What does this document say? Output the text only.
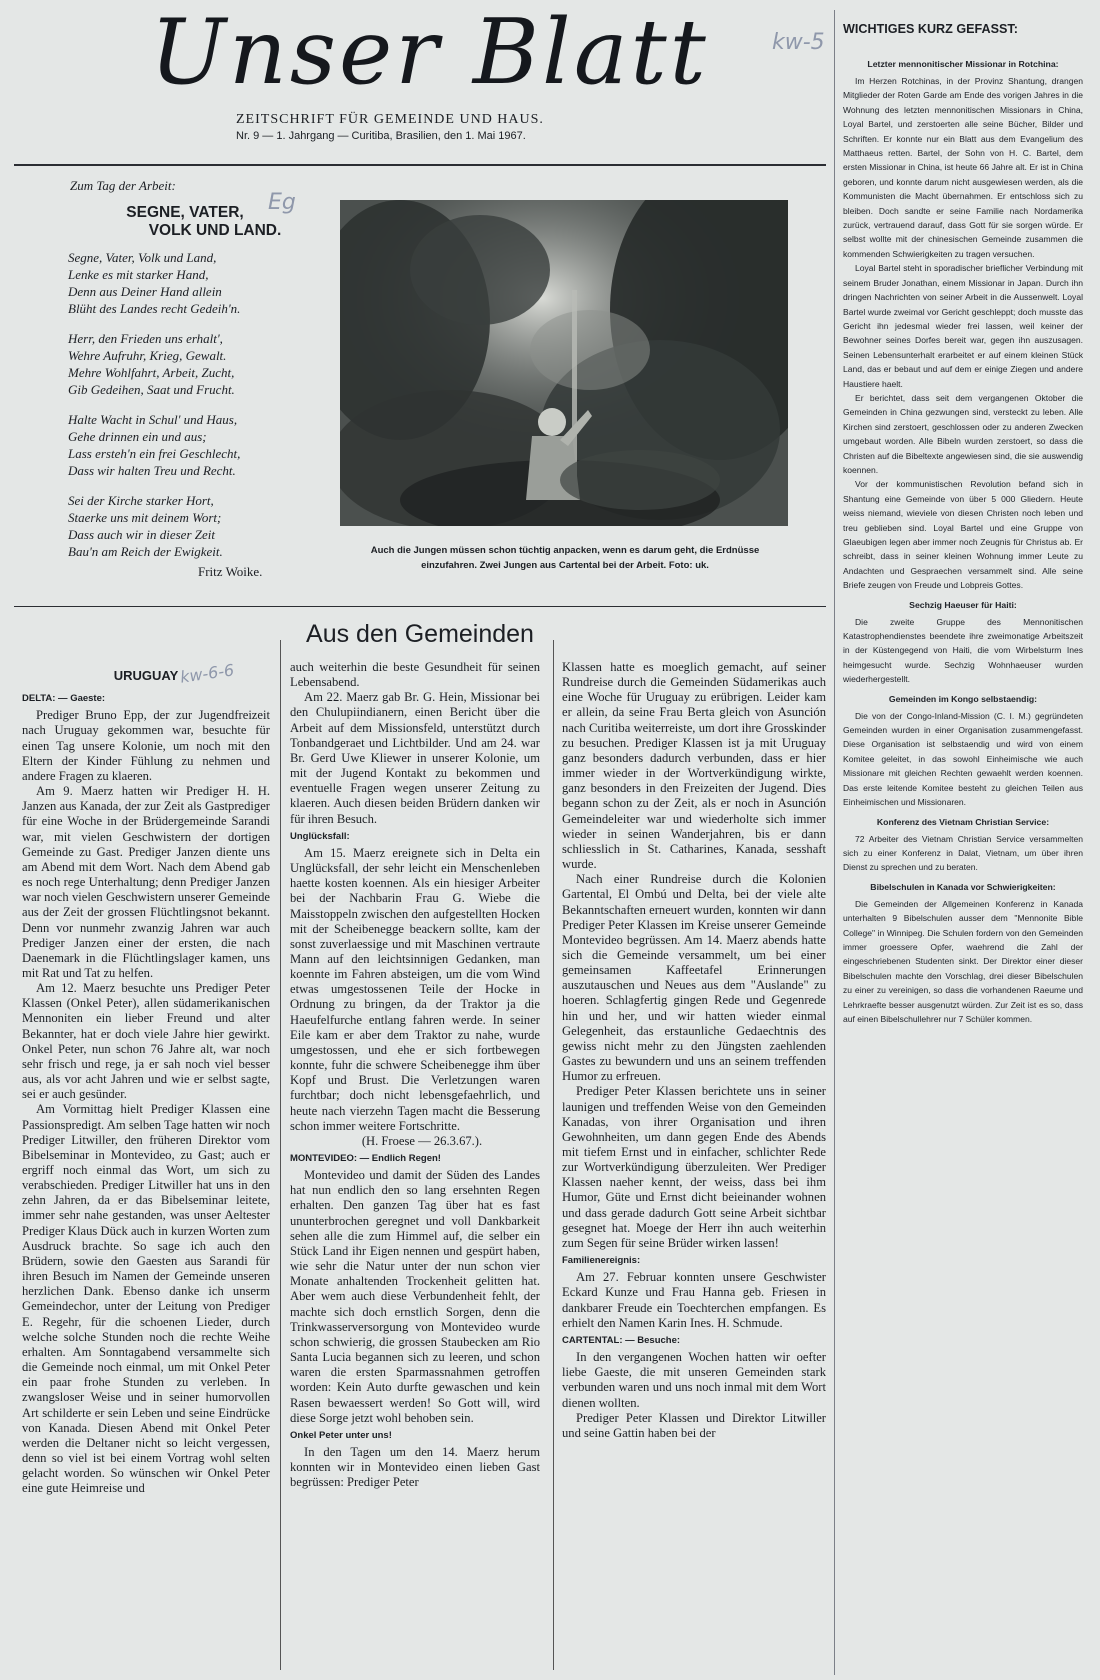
Unser Blatt	kw-5
ZEITSCHRIFT FÜR GEMEINDE UND HAUS.
Nr. 9 — 1. Jahrgang — Curitiba, Brasilien, den 1. Mai 1967.
Zum Tag der Arbeit:
Eg
SEGNE, VATER,
VOLK UND LAND.
Segne, Vater, Volk und Land,
Lenke es mit starker Hand,
Denn aus Deiner Hand allein
Blüht des Landes recht Gedeih'n.
Herr, den Frieden uns erhalt',
Wehre Aufruhr, Krieg, Gewalt.
Mehre Wohlfahrt, Arbeit, Zucht,
Gib Gedeihen, Saat und Frucht.
Halte Wacht in Schul' und Haus,
Gehe drinnen ein und aus;
Lass ersteh'n ein frei Geschlecht,
Dass wir halten Treu und Recht.
Sei der Kirche starker Hort,
Staerke uns mit deinem Wort;
Dass auch wir in dieser Zeit
Bau'n am Reich der Ewigkeit.
Fritz Woike.
Auch die Jungen müssen schon tüchtig anpacken, wenn es darum geht, die Erdnüsse einzufahren. Zwei Jungen aus Cartental bei der Arbeit. Foto: uk.
Aus den Gemeinden
URUGUAY
DELTA: — Gaeste:

Prediger Bruno Epp, der zur Jugendfreizeit nach Uruguay gekommen war, besuchte für einen Tag unsere Kolonie, um noch mit den Eltern der Kinder Fühlung zu nehmen und andere Fragen zu klaeren.

Am 9. Maerz hatten wir Prediger H. H. Janzen aus Kanada, der zur Zeit als Gastprediger für eine Woche in der Brüdergemeinde Sarandi war, mit vielen Geschwistern der dortigen Gemeinde zu Gast. Prediger Janzen diente uns am Abend mit dem Wort. Nach dem Abend gab es noch rege Unterhaltung; denn Prediger Janzen war noch vielen Geschwistern unserer Gemeinde aus der Zeit der grossen Flüchtlingsnot bekannt. Denn vor nunmehr zwanzig Jahren war auch Prediger Janzen einer der ersten, die nach Daenemark in die Flüchtlingslager kamen, uns mit Rat und Tat zu helfen.

Am 12. Maerz besuchte uns Prediger Peter Klassen (Onkel Peter), allen südamerikanischen Mennoniten ein lieber Freund und alter Bekannter, hat er doch viele Jahre hier gewirkt. Onkel Peter, nun schon 76 Jahre alt, war noch sehr frisch und rege, ja er sah noch viel besser aus, als vor acht Jahren und wie er selbst sagte, sei er auch gesünder.

Am Vormittag hielt Prediger Klassen eine Passionspredigt. Am selben Tage hatten wir noch Prediger Litwiller, den früheren Direktor vom Bibelseminar in Montevideo, zu Gast; auch er ergriff noch einmal das Wort, um sich zu verabschieden. Prediger Litwiller hat uns in den zehn Jahren, da er das Bibelseminar leitete, immer sehr nahe gestanden, was unser Aeltester Prediger Klaus Dück auch in kurzen Worten zum Ausdruck brachte. So sage ich auch den Brüdern, sowie den Gaesten aus Sarandi für ihren Besuch im Namen der Gemeinde unseren herzlichen Dank. Ebenso danke ich unserm Gemeindechor, unter der Leitung von Prediger E. Regehr, für die schoenen Lieder, durch welche solche Stunden noch die rechte Weihe erhalten. Am Sonntagabend versammelte sich die Gemeinde noch einmal, um mit Onkel Peter ein paar frohe Stunden zu verleben. In zwangsloser Weise und in seiner humorvollen Art schilderte er sein Leben und seine Eindrücke von Kanada. Diesen Abend mit Onkel Peter werden die Deltaner nicht so leicht vergessen, denn so viel ist bei einem Vortrag wohl selten gelacht worden. So wünschen wir Onkel Peter eine gute Heimreise und

kw-6-6	auch weiterhin die beste Gesundheit für seinen Lebensabend.

Am 22. Maerz gab Br. G. Hein, Missionar bei den Chulupiindianern, einen Bericht über die Arbeit auf dem Missionsfeld, unterstützt durch Tonbandgeraet und Lichtbilder. Und am 24. war Br. Gerd Uwe Kliewer in unserer Kolonie, um mit der Jugend Kontakt zu bekommen und eventuelle Fragen wegen unserer Zeitung zu klaeren. Auch diesen beiden Brüdern danken wir für ihren Besuch.

Unglücksfall:

Am 15. Maerz ereignete sich in Delta ein Unglücksfall, der sehr leicht ein Menschenleben haette kosten koennen. Als ein hiesiger Arbeiter bei der Nachbarin Frau G. Wiebe die Maisstoppeln zwischen den aufgestellten Hocken mit der Scheibenegge beackern sollte, kam der sonst zuverlaessige und mit Maschinen vertraute Mann auf den leichtsinnigen Gedanken, man koennte im Fahren absteigen, um die vom Wind etwas umgestossenen Teile der Hocke in Ordnung zu bringen, da der Traktor ja die Haeufelfurche entlang fahren werde. In seiner Eile kam er aber dem Traktor zu nahe, wurde umgestossen, und ehe er sich fortbewegen konnte, fuhr die schwere Scheibenegge ihm über Kopf und Brust. Die Verletzungen waren furchtbar; doch nicht lebensgefaehrlich, und heute nach vierzehn Tagen macht die Besserung schon immer weitere Fortschritte.

(H. Froese — 26.3.67.).

MONTEVIDEO: — Endlich Regen!

Montevideo und damit der Süden des Landes hat nun endlich den so lang ersehnten Regen erhalten. Den ganzen Tag über hat es fast ununterbrochen geregnet und voll Dankbarkeit sehen alle die zum Himmel auf, die selber ein Stück Land ihr Eigen nennen und gespürt haben, wie sehr die Natur unter der nun schon vier Monate anhaltenden Trockenheit gelitten hat. Aber wem auch diese Verbundenheit fehlt, der machte sich doch ernstlich Sorgen, denn die Trinkwasserversorgung von Montevideo wurde schon schwierig, die grossen Staubecken am Rio Santa Lucia begannen sich zu leeren, und schon waren die ersten Sparmassnahmen getroffen worden: Kein Auto durfte gewaschen und kein Rasen bewaessert werden! So Gott will, wird diese Sorge jetzt wohl behoben sein.

Onkel Peter unter uns!

In den Tagen um den 14. Maerz herum konnten wir in Montevideo einen lieben Gast begrüssen: Prediger Peter

Klassen hatte es moeglich gemacht, auf seiner Rundreise durch die Gemeinden Südamerikas auch eine Woche für Uruguay zu erübrigen. Leider kam er allein, da seine Frau Berta gleich von Asunción nach Curitiba weiterreiste, um dort ihre Grosskinder zu besuchen. Prediger Klassen ist ja mit Uruguay ganz besonders dadurch verbunden, dass er hier immer wieder in der Wortverkündigung wirkte, ganz besonders in den Freizeiten der Jugend. Dies begann schon zu der Zeit, als er noch in Asunción Gemeindeleiter war und wiederholte sich immer wieder in seinen Wanderjahren, bis er dann schliesslich in St. Catharines, Kanada, sesshaft wurde.

Nach einer Rundreise durch die Kolonien Gartental, El Ombú und Delta, bei der viele alte Bekanntschaften erneuert wurden, konnten wir dann Prediger Peter Klassen im Kreise unserer Gemeinde Montevideo begrüssen. Am 14. Maerz abends hatte sich die Gemeinde versammelt, um bei einer gemeinsamen Kaffeetafel Erinnerungen auszutauschen und Neues aus dem "Auslande" zu hoeren. Schlagfertig gingen Rede und Gegenrede hin und her, und wir hatten wieder einmal Gelegenheit, das erstaunliche Gedaechtnis des gewiss nicht mehr zu den Jüngsten zaehlenden Gastes zu bewundern und uns an seinem treffenden Humor zu erfreuen.

Prediger Peter Klassen berichtete uns in seiner launigen und treffenden Weise von den Gemeinden Kanadas, von ihrer Organisation und ihren Gewohnheiten, um dann gegen Ende des Abends mit tiefem Ernst und in einfacher, schlichter Rede zur Wortverkündigung überzuleiten. Wer Prediger Klassen naeher kennt, der weiss, dass bei ihm Humor, Güte und Ernst dicht beieinander wohnen und dass gerade dadurch Gott seine Arbeit sichtbar gesegnet hat. Moege der Herr ihn auch weiterhin zum Segen für seine Brüder wirken lassen!

Familienereignis:

Am 27. Februar konnten unsere Geschwister Eckard Kunze und Frau Hanna geb. Friesen in dankbarer Freude ein Toechterchen empfangen. Es erhielt den Namen Karin Ines. H. Schmude.

CARTENTAL: — Besuche:

In den vergangenen Wochen hatten wir oefter liebe Gaeste, die mit unseren Gemeinden stark verbunden waren und uns noch inmal mit dem Wort dienen wollten.

Prediger Peter Klassen und Direktor Litwiller und seine Gattin haben bei der

WICHTIGES KURZ GEFASST:
Letzter mennonitischer Missionar in Rotchina:

Im Herzen Rotchinas, in der Provinz Shantung, drangen Mitglieder der Roten Garde am Ende des vorigen Jahres in die Wohnung des letzten mennonitischen Missionars in China, Loyal Bartel, und zerstoerten alle seine Bücher, Bilder und Schriften. Er konnte nur ein Blatt aus dem Evangelium des Matthaeus retten. Bartel, der Sohn von H. C. Bartel, dem ersten Missionar in China, ist heute 66 Jahre alt. Er ist in China geboren, und konnte darum nicht ausgewiesen werden, als die Kommunisten die Macht übernahmen. Er entschloss sich zu bleiben. Doch sandte er seine Familie nach Nordamerika zurück, vertrauend darauf, dass Gott für sie sorgen würde. Er selbst wollte mit der chinesischen Gemeinde zusammen die kommenden Schwierigkeiten zu tragen versuchen.

Loyal Bartel steht in sporadischer brieflicher Verbindung mit seinem Bruder Jonathan, einem Missionar in Japan. Durch ihn dringen Nachrichten von seiner Arbeit in die Aussenwelt. Loyal Bartel wurde zweimal vor Gericht geschleppt; doch musste das Gericht ihn jedesmal wieder frei lassen, weil keiner der Bewohner seines Dorfes bereit war, gegen ihn auszusagen. Seinen Lebensunterhalt erarbeitet er auf einem kleinen Stück Land, das er bebaut und auf dem er einige Ziegen und andere Haustiere haelt.

Er berichtet, dass seit dem vergangenen Oktober die Gemeinden in China gezwungen sind, versteckt zu leben. Alle Kirchen sind zerstoert, geschlossen oder zu anderen Zwecken umgebaut worden. Alle Bibeln wurden zerstoert, so dass die Christen auf die Bibeltexte angewiesen sind, die sie auswendig koennen.

Vor der kommunistischen Revolution befand sich in Shantung eine Gemeinde von über 5 000 Gliedern. Heute weiss niemand, wieviele von diesen Christen noch leben und treu geblieben sind. Loyal Bartel und eine Gruppe von Glaeubigen legen aber immer noch Zeugnis für Christus ab. Er schreibt, dass in seiner kleinen Wohnung immer Leute zu Andachten und Gespraechen versammelt sind. Alle seine Briefe zeugen von Freude und Lobpreis Gottes.

Sechzig Haeuser für Haiti:

Die zweite Gruppe des Mennonitischen Katastrophendienstes beendete ihre zweimonatige Arbeitszeit in der Küstengegend von Haiti, die vom Wirbelsturm Ines heimgesucht wurde. Sechzig Wohnhaeuser wurden wiederhergestellt.

Gemeinden im Kongo selbstaendig:

Die von der Congo-Inland-Mission (C. I. M.) gegründeten Gemeinden wurden in einer Organisation zusammengefasst. Diese Organisation ist selbstaendig und wird von einem Komitee geleitet, in das sowohl Einheimische wie auch Missionare mit gleichen Rechten gewaehlt werden koennen. Das erste leitende Komitee besteht zu gleichen Teilen aus Einheimischen und Missionaren.

Konferenz des Vietnam Christian Service:

72 Arbeiter des Vietnam Christian Service versammelten sich zu einer Konferenz in Dalat, Vietnam, um über ihren Dienst zu sprechen und zu beraten.

Bibelschulen in Kanada vor Schwierigkeiten:

Die Gemeinden der Allgemeinen Konferenz in Kanada unterhalten 9 Bibelschulen ausser dem "Mennonite Bible College" in Winnipeg. Die Schulen fordern von den Gemeinden immer groessere Opfer, waehrend die Zahl der eingeschriebenen Studenten sinkt. Der Direktor einer dieser Bibelschulen machte den Vorschlag, drei dieser Bibelschulen zu einer zu vereinigen, so dass die vorhandenen Raeume und Lehrkraefte besser ausgenutzt würden. Zur Zeit ist es so, dass auf einen Bibelschullehrer nur 7 Schüler kommen.
